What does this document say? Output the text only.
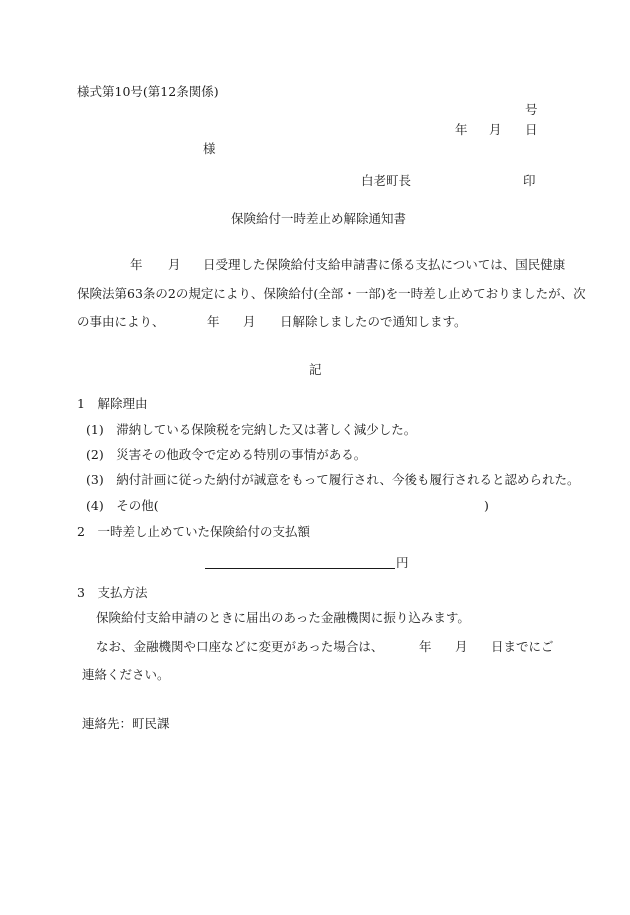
様式第10号(第12条関係)
号
年 月 日
様
白老町長	印
保険給付一時差止め解除通知書
年 月 日受理した保険給付支給申請書に係る支払については、国民健康
保険法第63条の2の規定により、保険給付(全部・一部)を一時差し止めておりましたが、次
の事由により、	年 月 日解除しましたので通知します。
記
1　解除理由
(1)　滞納している保険税を完納した又は著しく減少した。
(2)　災害その他政令で定める特別の事情がある。
(3)　納付計画に従った納付が誠意をもって履行され、今後も履行されると認められた。
(4)　その他(	)
2　一時差し止めていた保険給付の支払額
円
3　支払方法
保険給付支給申請のときに届出のあった金融機関に振り込みます。
なお、金融機関や口座などに変更があった場合は、	年 月 日までにご
連絡ください。
連絡先：町民課
